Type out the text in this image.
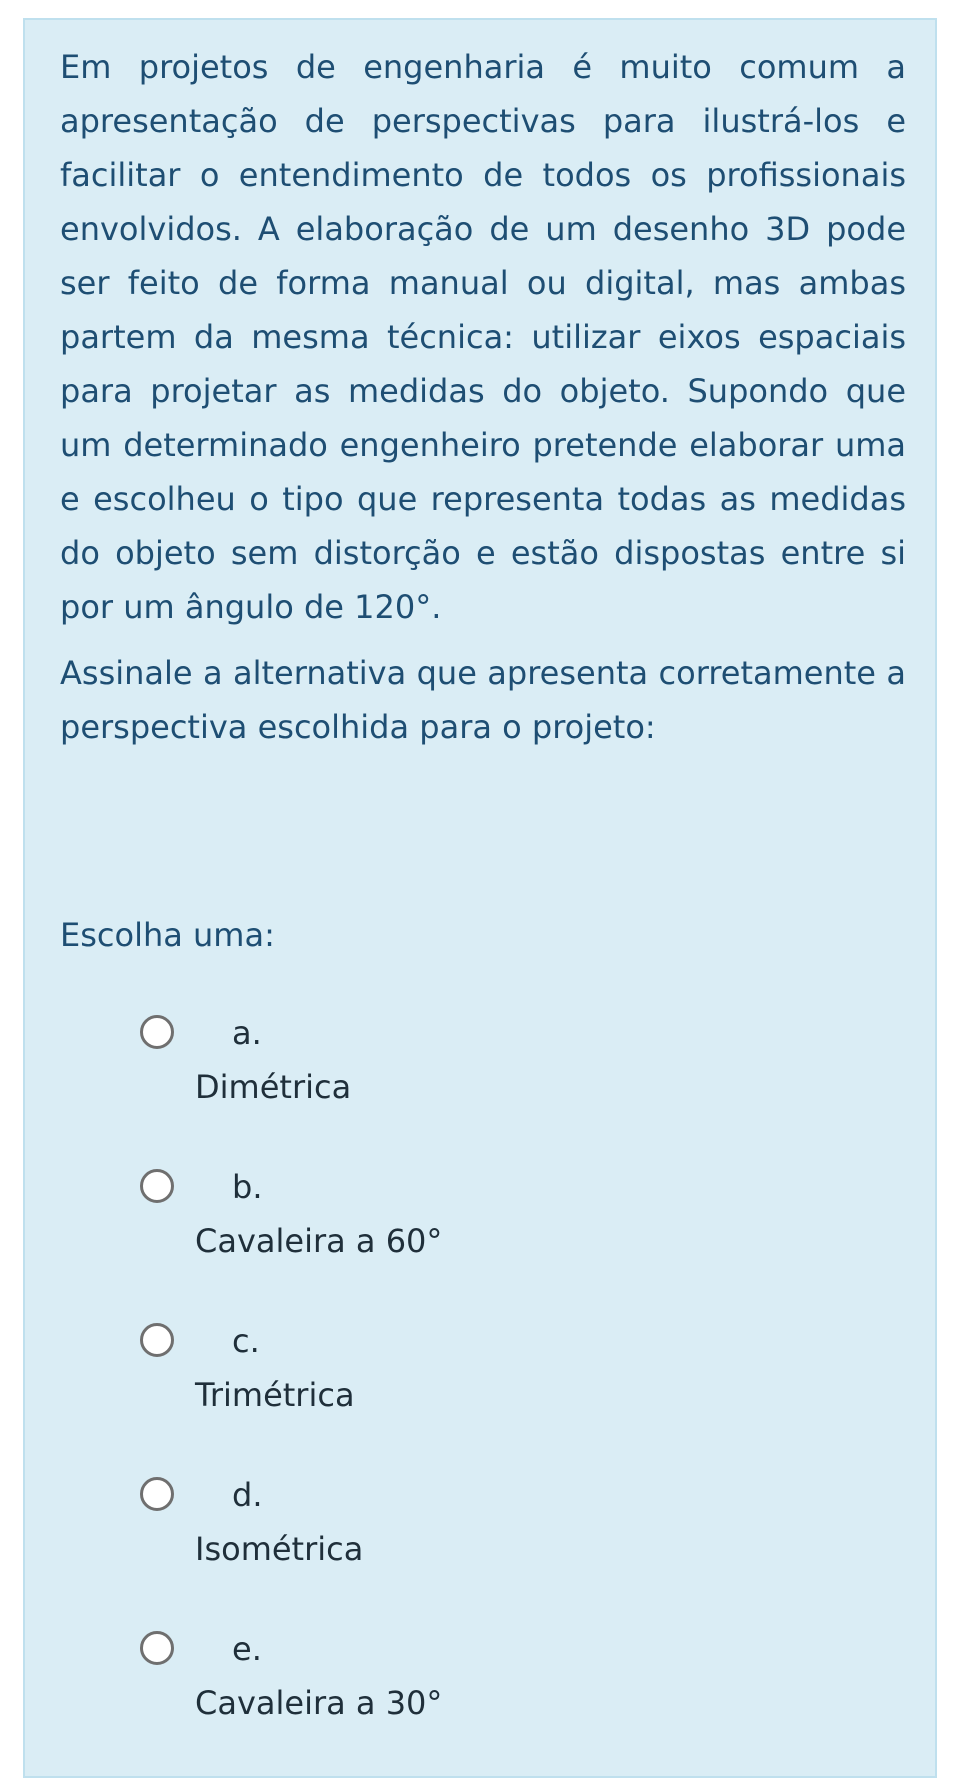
Em projetos de engenharia é muito comum a apresentação de perspectivas para ilustrá-los e facilitar o entendimento de todos os profissionais envolvidos. A elaboração de um desenho 3D pode ser feito de forma manual ou digital, mas ambas partem da mesma técnica: utilizar eixos espaciais para projetar as medidas do objeto. Supondo que um determinado engenheiro pretende elaborar uma e escolheu o tipo que representa todas as medidas do objeto sem distorção e estão dispostas entre si por um ângulo de 120°.

Assinale a alternativa que apresenta corretamente a perspectiva escolhida para o projeto:

Escolha uma:
a.
Dimétrica
b.
Cavaleira a 60°
c.
Trimétrica
d.
Isométrica
e.
Cavaleira a 30°
